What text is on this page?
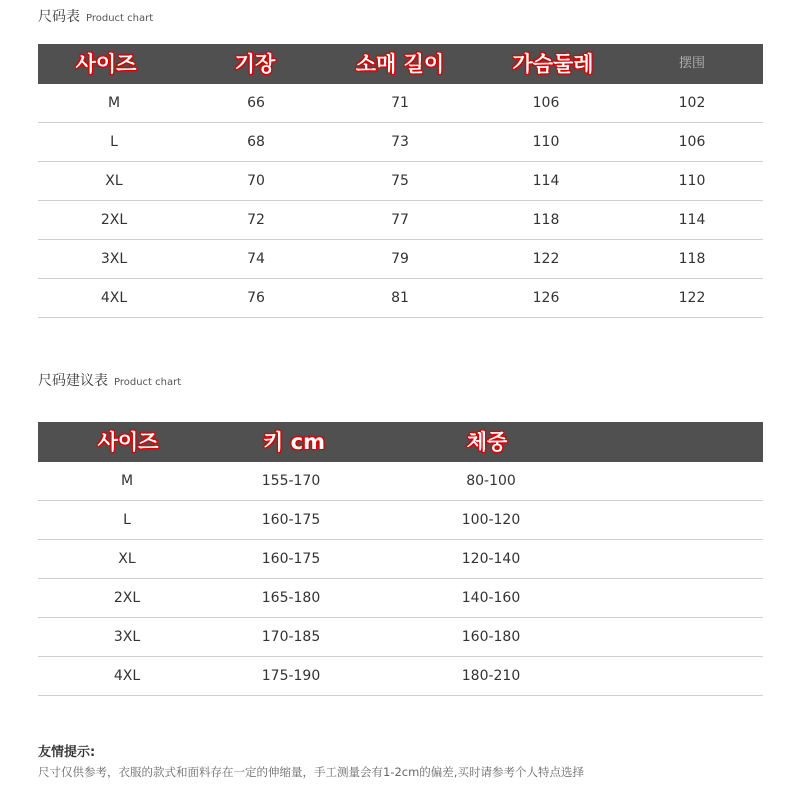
尺码表 Product chart
사이즈	기장	소매 길이	가슴둘레	摆围
M	66	71	106	102
L	68	73	110	106
XL	70	75	114	110
2XL	72	77	118	114
3XL	74	79	122	118
4XL	76	81	126	122
尺码建议表 Product chart
사이즈	키 cm	체중
M	155-170	80-100
L	160-175	100-120
XL	160-175	120-140
2XL	165-180	140-160
3XL	170-185	160-180
4XL	175-190	180-210
友情提示:
尺寸仅供参考，衣服的款式和面料存在一定的伸缩量，手工测量会有1-2cm的偏差,买时请参考个人特点选择
